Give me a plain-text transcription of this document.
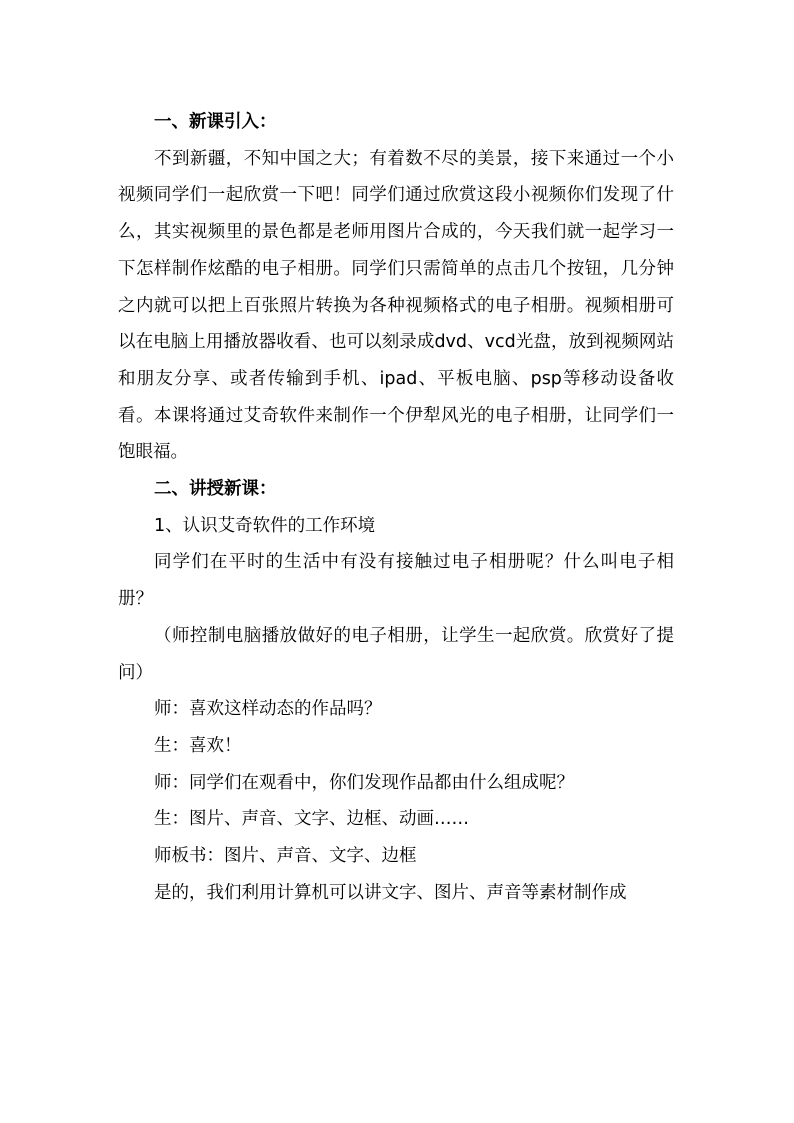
一、新课引入：

不到新疆，不知中国之大；有着数不尽的美景，接下来通过一个小视频同学们一起欣赏一下吧！同学们通过欣赏这段小视频你们发现了什么，其实视频里的景色都是老师用图片合成的，今天我们就一起学习一下怎样制作炫酷的电子相册。同学们只需简单的点击几个按钮，几分钟之内就可以把上百张照片转换为各种视频格式的电子相册。视频相册可以在电脑上用播放器收看、也可以刻录成dvd、vcd光盘，放到视频网站和朋友分享、或者传输到手机、ipad、平板电脑、psp等移动设备收看。本课将通过艾奇软件来制作一个伊犁风光的电子相册，让同学们一饱眼福。

二、讲授新课：

1、认识艾奇软件的工作环境

同学们在平时的生活中有没有接触过电子相册呢？什么叫电子相册？

（师控制电脑播放做好的电子相册，让学生一起欣赏。欣赏好了提问）

师：喜欢这样动态的作品吗？

生：喜欢！

师：同学们在观看中，你们发现作品都由什么组成呢？

生：图片、声音、文字、边框、动画……

师板书：图片、声音、文字、边框

是的，我们利用计算机可以讲文字、图片、声音等素材制作成
